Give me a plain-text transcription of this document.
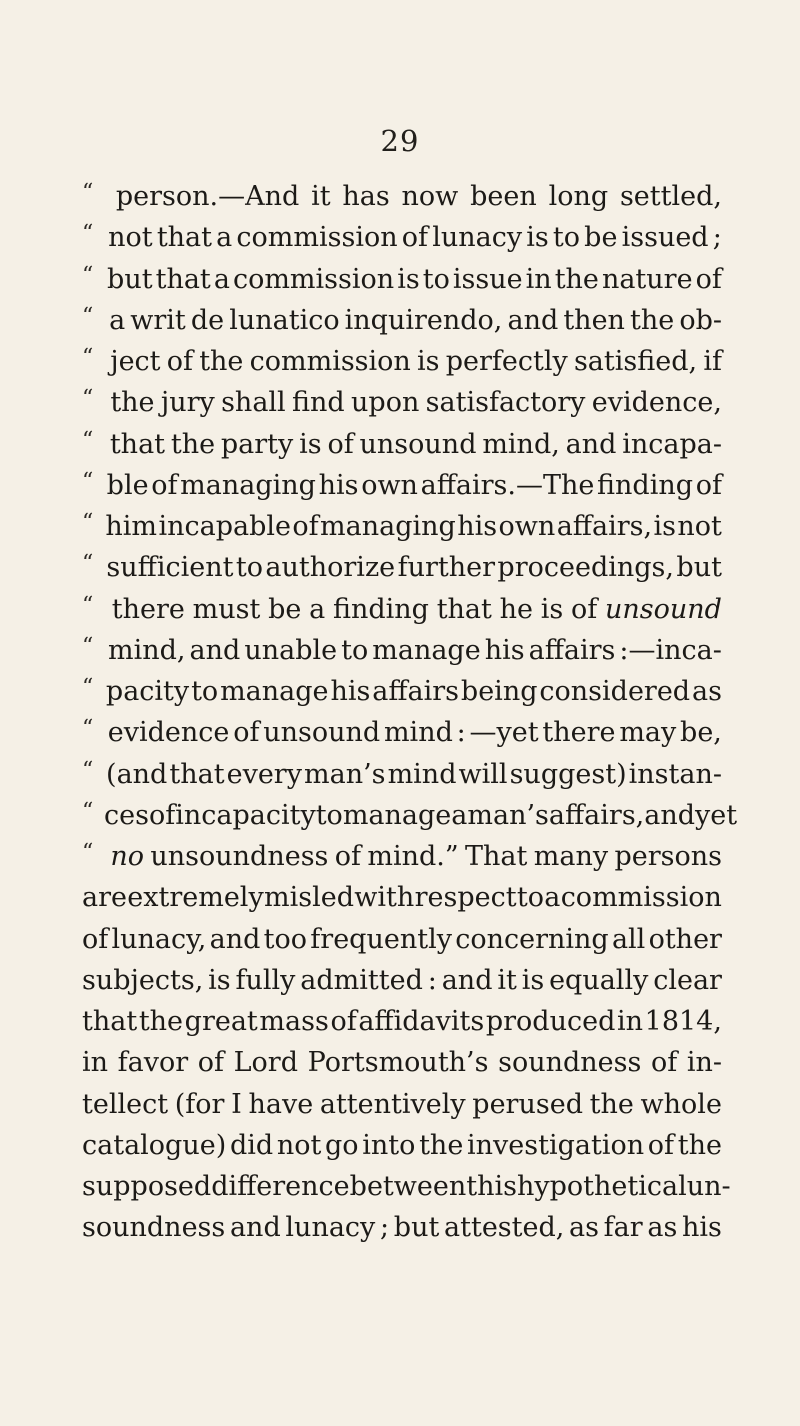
29
“ person.—And it has now been long settled,
“ not that a commission of lunacy is to be issued ;
“ but that a commission is to issue in the nature of
“ a writ de lunatico inquirendo, and then the ob-
“ ject of the commission is perfectly satisfied, if
“ the jury shall find upon satisfactory evidence,
“ that the party is of unsound mind, and incapa-
“ ble of managing his own affairs.—The finding of
“ him incapable of managing his own affairs, is not
“ sufficient to authorize further proceedings, but
“ there must be a finding that he is of unsound
“ mind, and unable to manage his affairs :—inca-
“ pacity to manage his affairs being considered as
“ evidence of unsound mind : —yet there may be,
“ (and that every man’s mind will suggest) instan-
“ ces of incapacity to manage a man’s affairs, and yet
“ no unsoundness of mind.” That many persons
are extremely misled with respect to a commission
of lunacy, and too frequently concerning all other
subjects, is fully admitted : and it is equally clear
that the great mass of affidavits produced in 1814,
in favor of Lord Portsmouth’s soundness of in-
tellect (for I have attentively perused the whole
catalogue) did not go into the investigation of the
supposed difference between this hypothetical un-
soundness and lunacy ; but attested, as far as his
